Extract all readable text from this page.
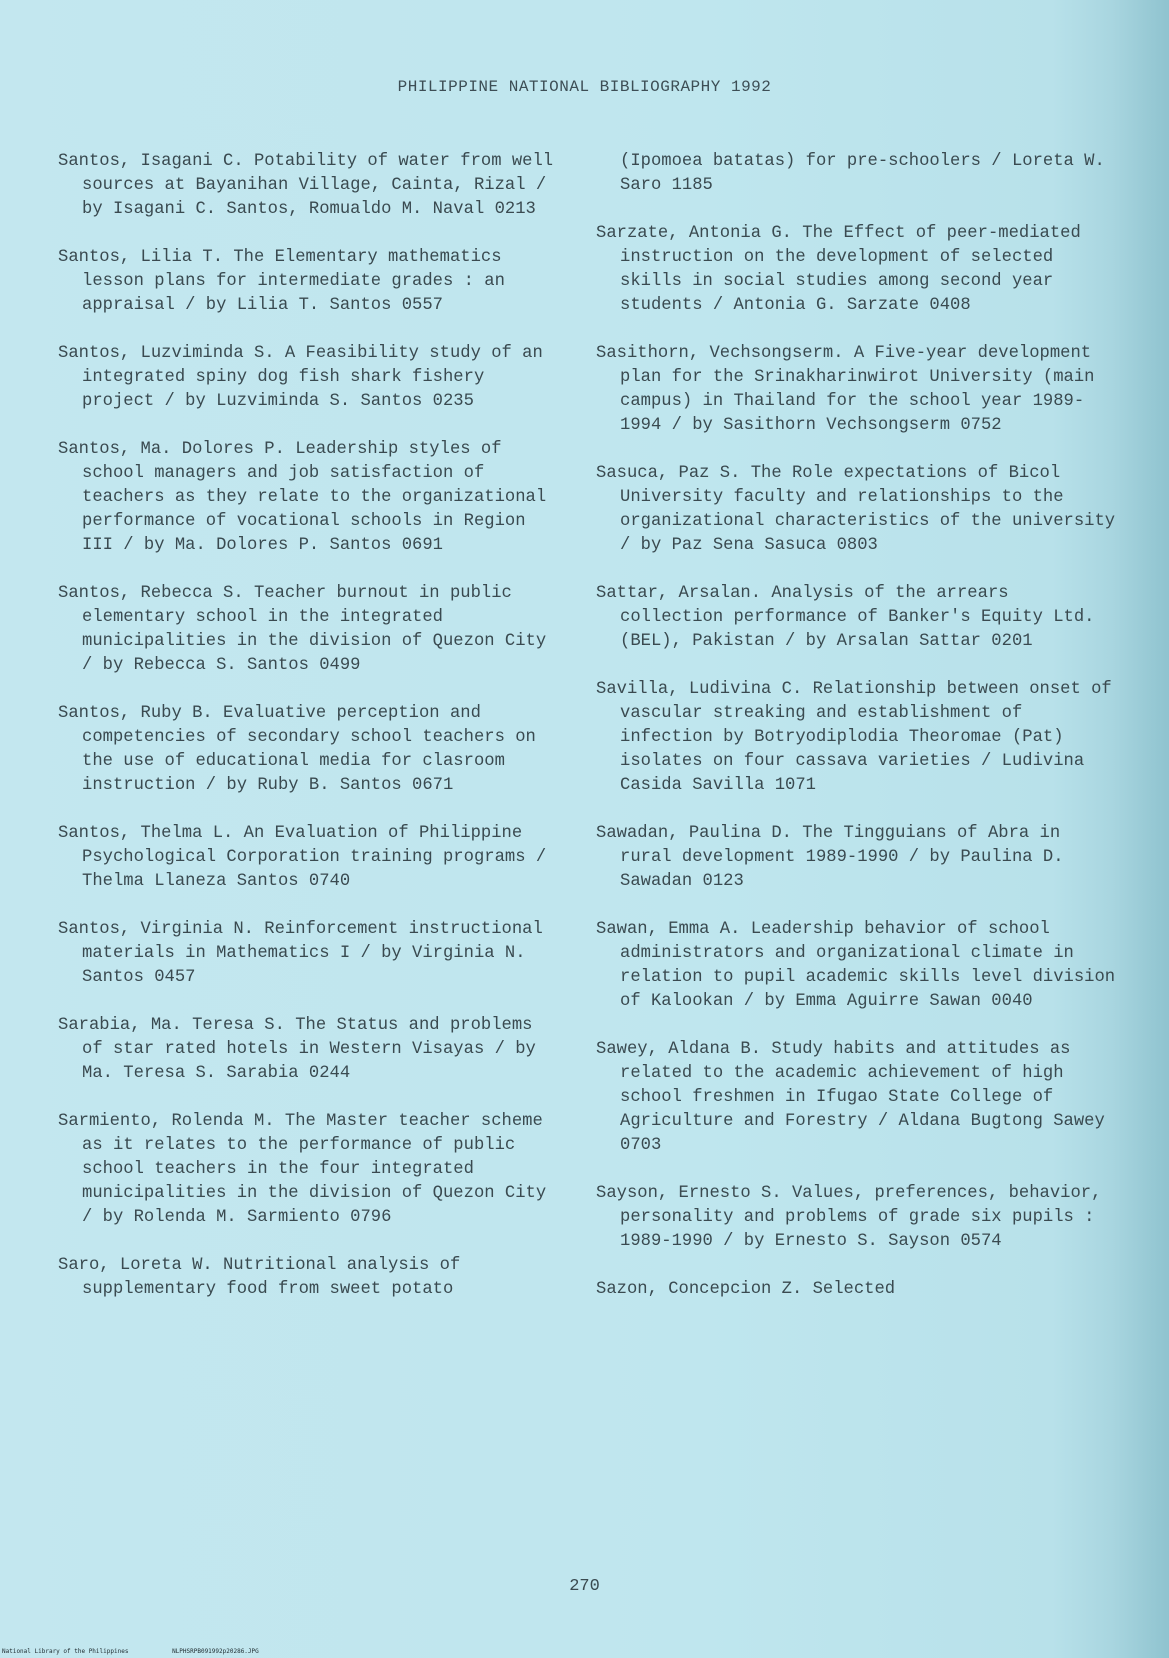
PHILIPPINE NATIONAL BIBLIOGRAPHY 1992
Santos, Isagani C. Potability of water from well sources at Bayanihan Village, Cainta, Rizal / by Isagani C. Santos, Romualdo M. Naval 0213
Santos, Lilia T. The Elementary mathematics lesson plans for intermediate grades : an appraisal / by Lilia T. Santos 0557
Santos, Luzviminda S. A Feasibility study of an integrated spiny dog fish shark fishery project / by Luzviminda S. Santos 0235
Santos, Ma. Dolores P. Leadership styles of school managers and job satisfaction of teachers as they relate to the organizational performance of vocational schools in Region III / by Ma. Dolores P. Santos 0691
Santos, Rebecca S. Teacher burnout in public elementary school in the integrated municipalities in the division of Quezon City / by Rebecca S. Santos 0499
Santos, Ruby B. Evaluative perception and competencies of secondary school teachers on the use of educational media for clasroom instruction / by Ruby B. Santos 0671
Santos, Thelma L. An Evaluation of Philippine Psychological Corporation training programs / Thelma Llaneza Santos 0740
Santos, Virginia N. Reinforcement instructional materials in Mathematics I / by Virginia N. Santos 0457
Sarabia, Ma. Teresa S. The Status and problems of star rated hotels in Western Visayas / by Ma. Teresa S. Sarabia 0244
Sarmiento, Rolenda M. The Master teacher scheme as it relates to the performance of public school teachers in the four integrated municipalities in the division of Quezon City / by Rolenda M. Sarmiento 0796
Saro, Loreta W. Nutritional analysis of supplementary food from sweet potato
(Ipomoea batatas) for pre-schoolers / Loreta W. Saro 1185
Sarzate, Antonia G. The Effect of peer-mediated instruction on the development of selected skills in social studies among second year students / Antonia G. Sarzate 0408
Sasithorn, Vechsongserm. A Five-year development plan for the Srinakharinwirot University (main campus) in Thailand for the school year 1989-1994 / by Sasithorn Vechsongserm 0752
Sasuca, Paz S. The Role expectations of Bicol University faculty and relationships to the organizational characteristics of the university / by Paz Sena Sasuca 0803
Sattar, Arsalan. Analysis of the arrears collection performance of Banker's Equity Ltd. (BEL), Pakistan / by Arsalan Sattar 0201
Savilla, Ludivina C. Relationship between onset of vascular streaking and establishment of infection by Botryodiplodia Theoromae (Pat) isolates on four cassava varieties / Ludivina Casida Savilla 1071
Sawadan, Paulina D. The Tingguians of Abra in rural development 1989-1990 / by Paulina D. Sawadan 0123
Sawan, Emma A. Leadership behavior of school administrators and organizational climate in relation to pupil academic skills level division of Kalookan / by Emma Aguirre Sawan 0040
Sawey, Aldana B. Study habits and attitudes as related to the academic achievement of high school freshmen in Ifugao State College of Agriculture and Forestry / Aldana Bugtong Sawey 0703
Sayson, Ernesto S. Values, preferences, behavior, personality and problems of grade six pupils : 1989-1990 / by Ernesto S. Sayson 0574
Sazon, Concepcion Z. Selected
270
National Library of the Philippines	NLPHSRPB091992p20286.JPG
